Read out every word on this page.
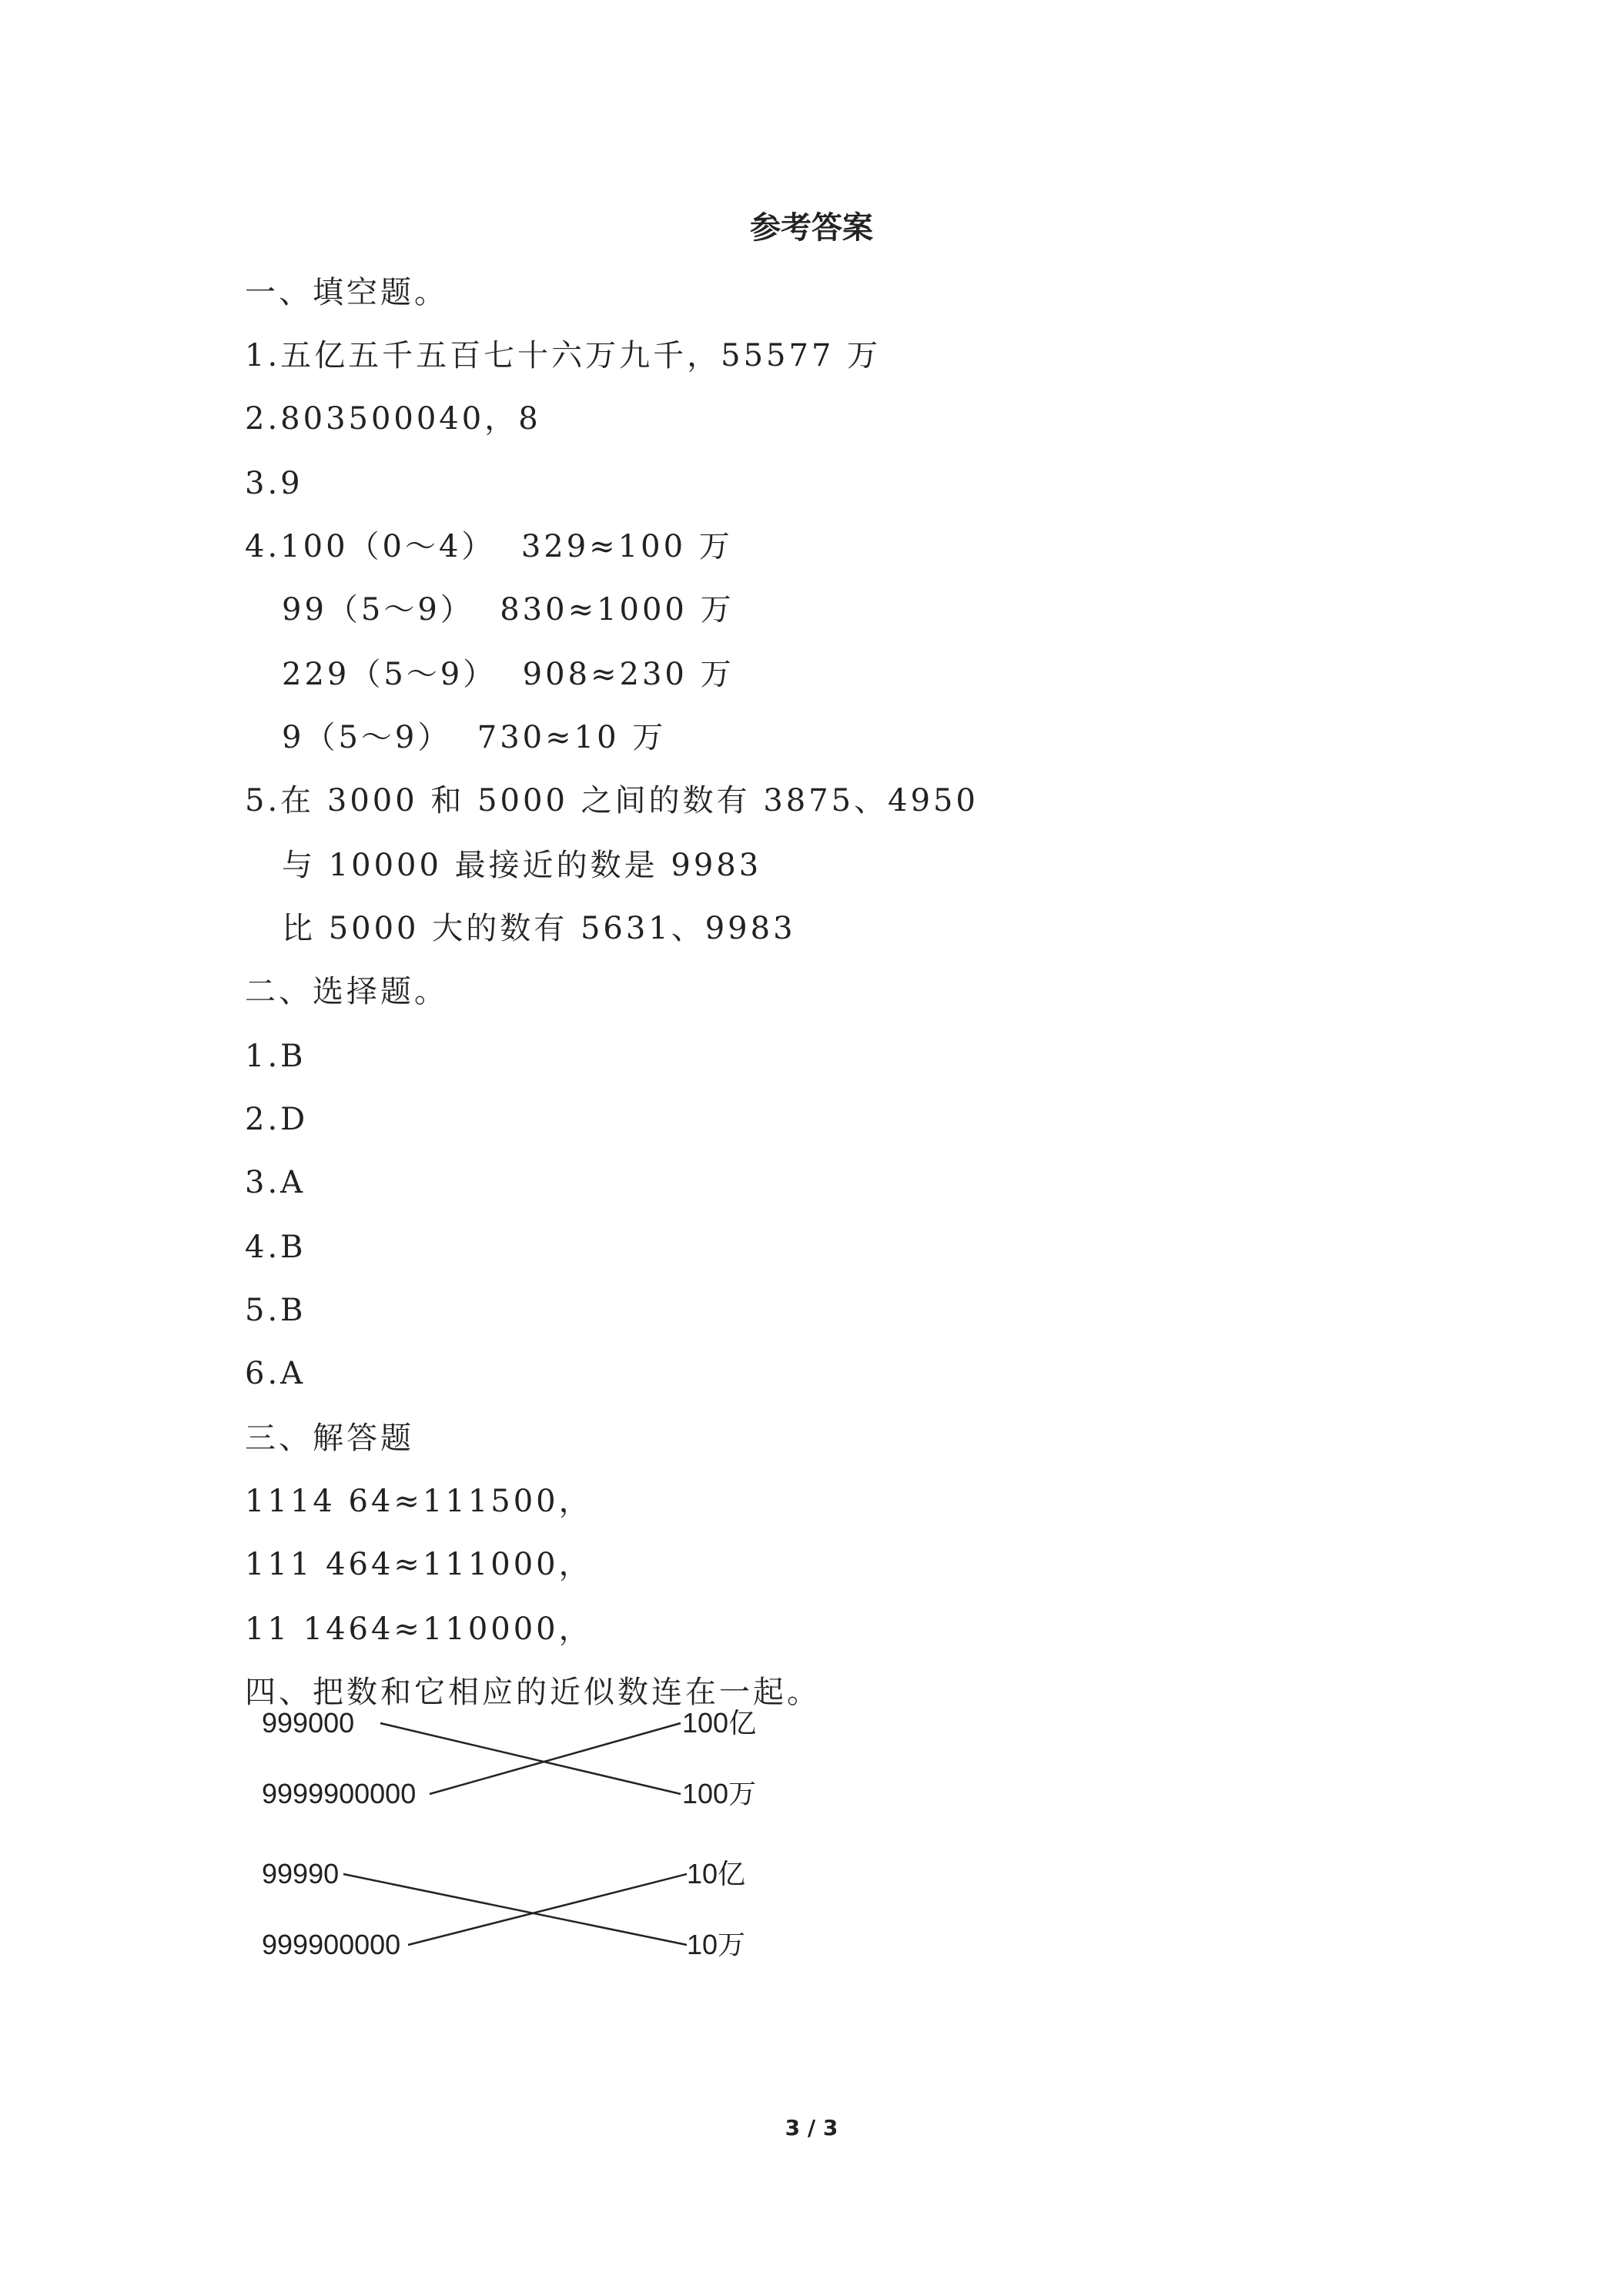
参考答案
一、填空题。
1.五亿五千五百七十六万九千，55577 万
2.803500040，8
3.9
4.100（0～4）  329≈100 万
99（5～9）  830≈1000 万
229（5～9）  908≈230 万
9（5～9）  730≈10 万
5.在 3000 和 5000 之间的数有 3875、4950
与 10000 最接近的数是 9983
比 5000 大的数有 5631、9983
二、选择题。
1.B
2.D
3.A
4.B
5.B
6.A
三、解答题
1114 64≈111500，
111 464≈111000，
11 1464≈110000，
四、把数和它相应的近似数连在一起。
999000
9999900000
100亿
100万
99990
999900000
10亿
10万
3 / 3
